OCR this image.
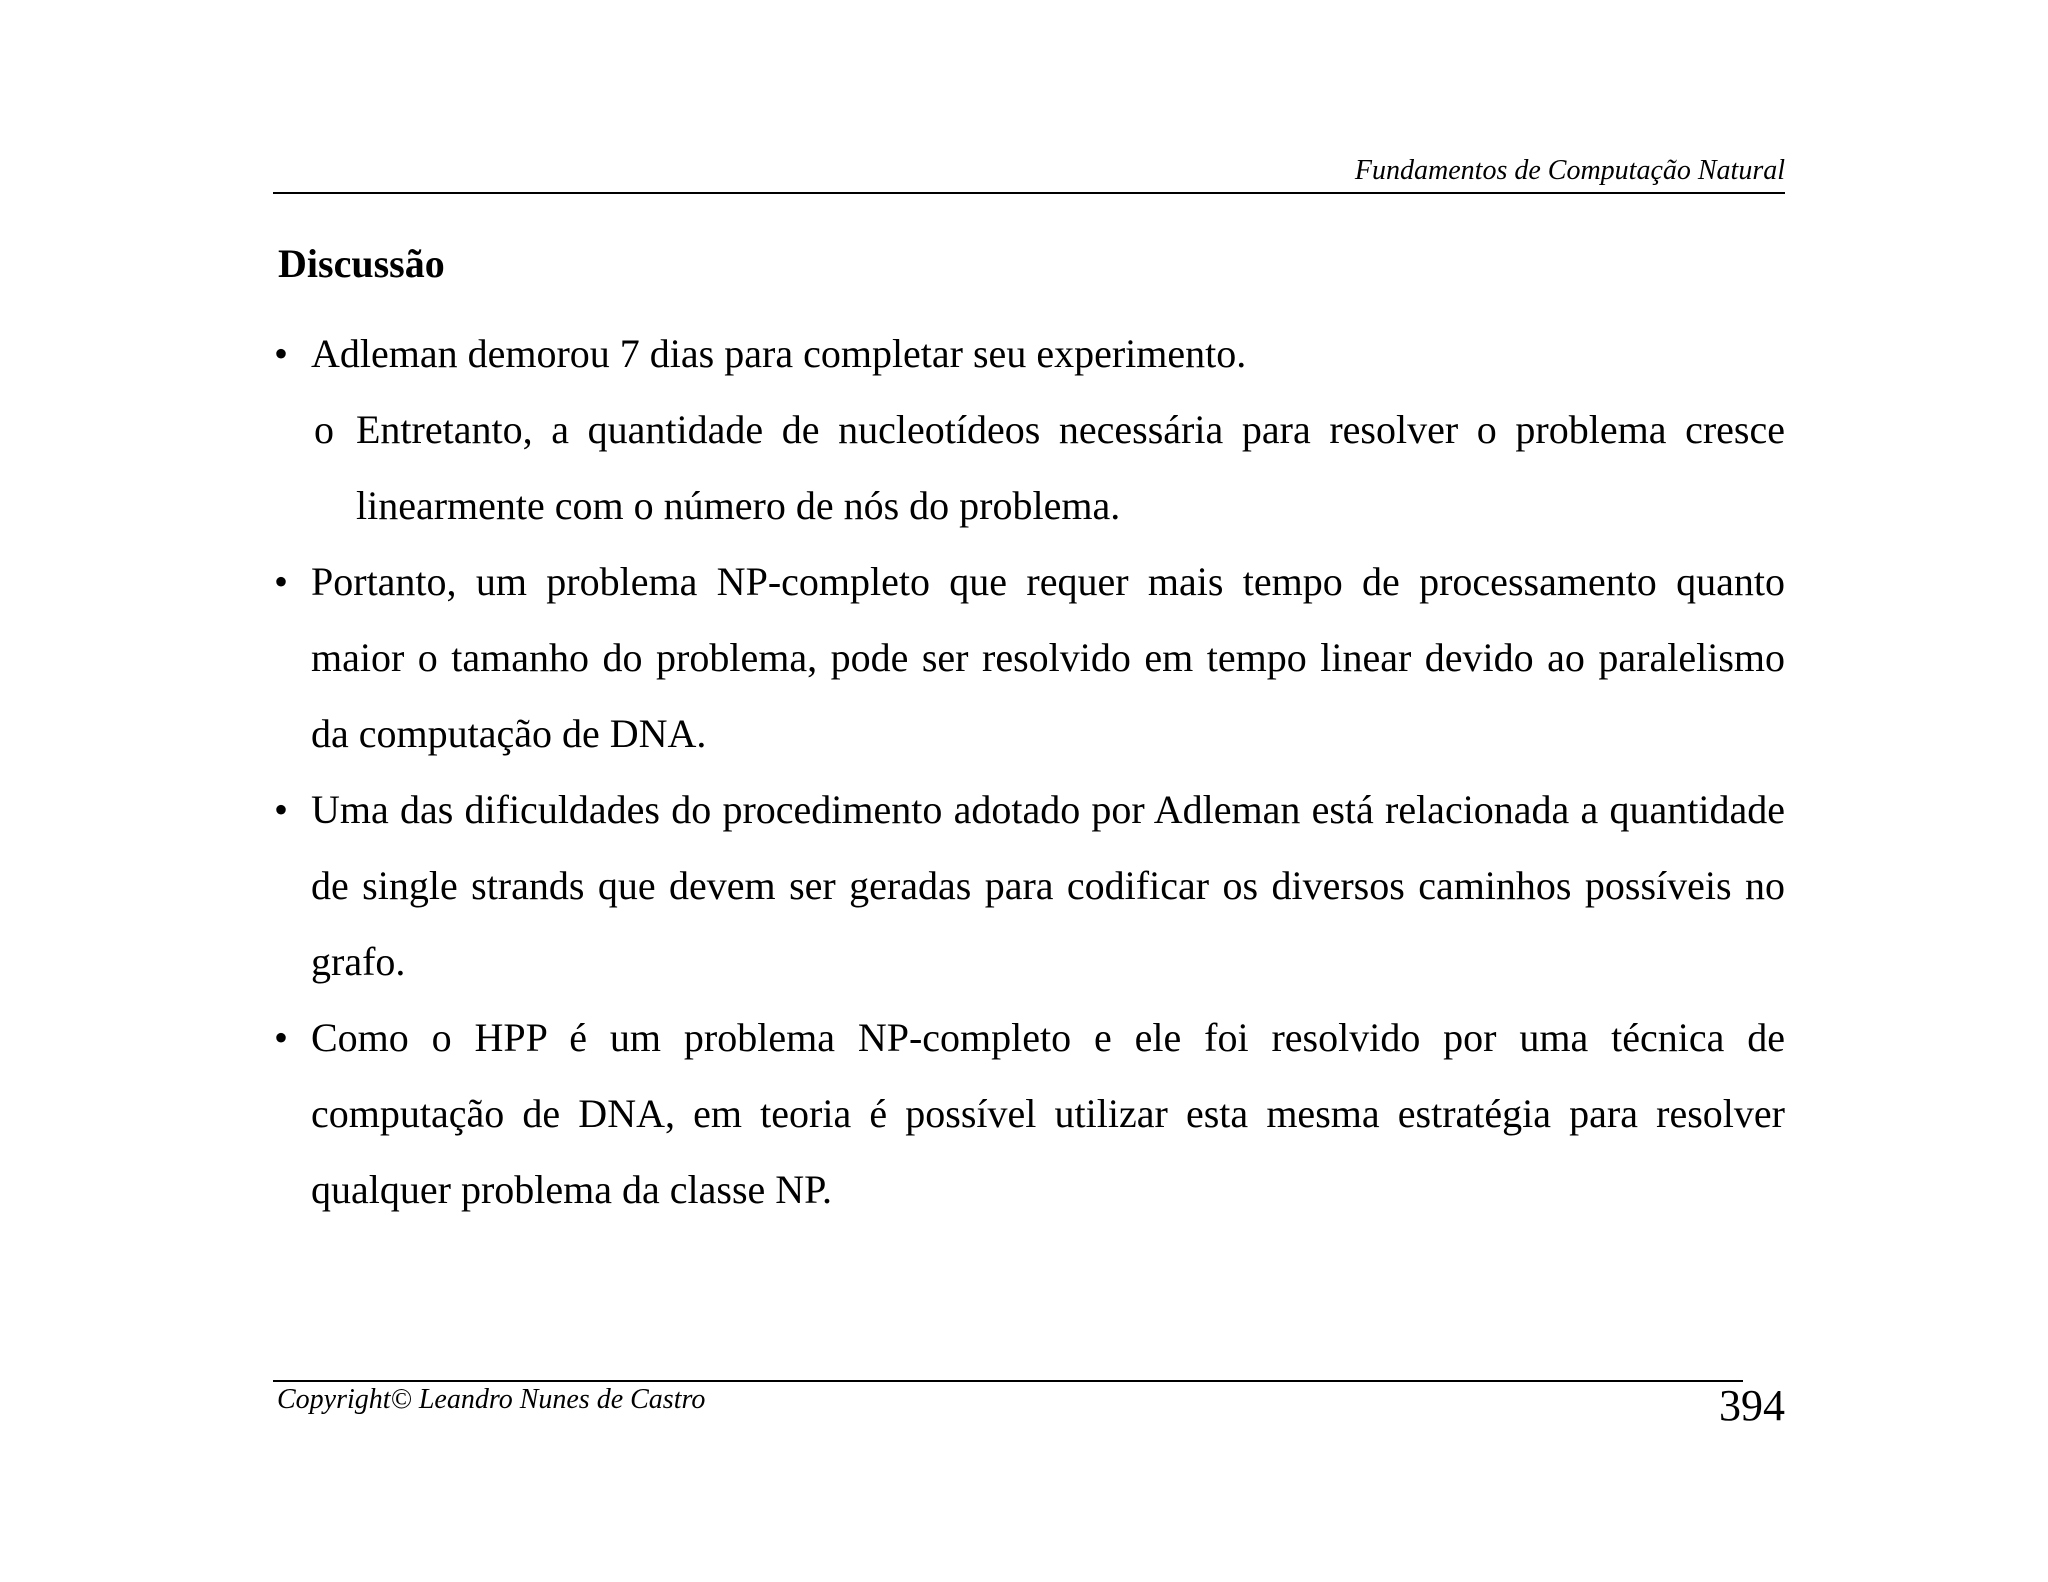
Fundamentos de Computação Natural
Discussão

• Adleman demorou 7 dias para completar seu experimento.

o Entretanto, a quantidade de nucleotídeos necessária para resolver o problema cresce linearmente com o número de nós do problema.

• Portanto, um problema NP-completo que requer mais tempo de processamento quanto maior o tamanho do problema, pode ser resolvido em tempo linear devido ao paralelismo da computação de DNA.

• Uma das dificuldades do procedimento adotado por Adleman está relacionada a quantidade de single strands que devem ser geradas para codificar os diversos caminhos possíveis no grafo.

• Como o HPP é um problema NP-completo e ele foi resolvido por uma técnica de computação de DNA, em teoria é possível utilizar esta mesma estratégia para resolver qualquer problema da classe NP.

Copyright© Leandro Nunes de Castro	394
